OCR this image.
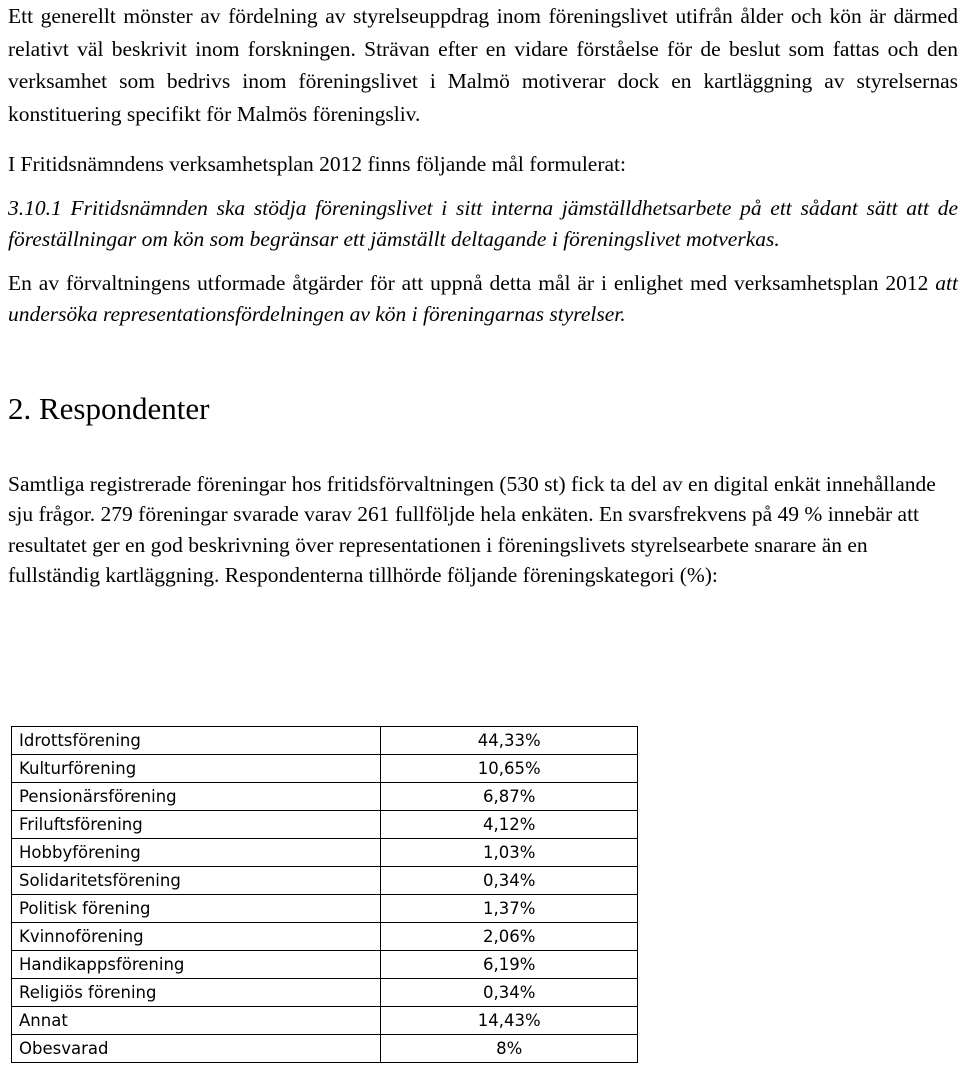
Ett generellt mönster av fördelning av styrelseuppdrag inom föreningslivet utifrån ålder och kön är därmed relativt väl beskrivit inom forskningen. Strävan efter en vidare förståelse för de beslut som fattas och den verksamhet som bedrivs inom föreningslivet i Malmö motiverar dock en kartläggning av styrelsernas konstituering specifikt för Malmös föreningsliv.

I Fritidsnämndens verksamhetsplan 2012 finns följande mål formulerat:

3.10.1 Fritidsnämnden ska stödja föreningslivet i sitt interna jämställdhetsarbete på ett sådant sätt att de föreställningar om kön som begränsar ett jämställt deltagande i föreningslivet motverkas.

En av förvaltningens utformade åtgärder för att uppnå detta mål är i enlighet med verksamhetsplan 2012 att undersöka representationsfördelningen av kön i föreningarnas styrelser.

2. Respondenter

Samtliga registrerade föreningar hos fritidsförvaltningen (530 st) fick ta del av en digital enkät innehållande sju frågor. 279 föreningar svarade varav 261 fullföljde hela enkäten. En svarsfrekvens på 49 % innebär att resultatet ger en god beskrivning över representationen i föreningslivets styrelsearbete snarare än en fullständig kartläggning. Respondenterna tillhörde följande föreningskategori (%):

Idrottsförening	44,33%
Kulturförening	10,65%
Pensionärsförening	6,87%
Friluftsförening	4,12%
Hobbyförening	1,03%
Solidaritetsförening	0,34%
Politisk förening	1,37%
Kvinnoförening	2,06%
Handikappsförening	6,19%
Religiös förening	0,34%
Annat	14,43%
Obesvarad	8%
